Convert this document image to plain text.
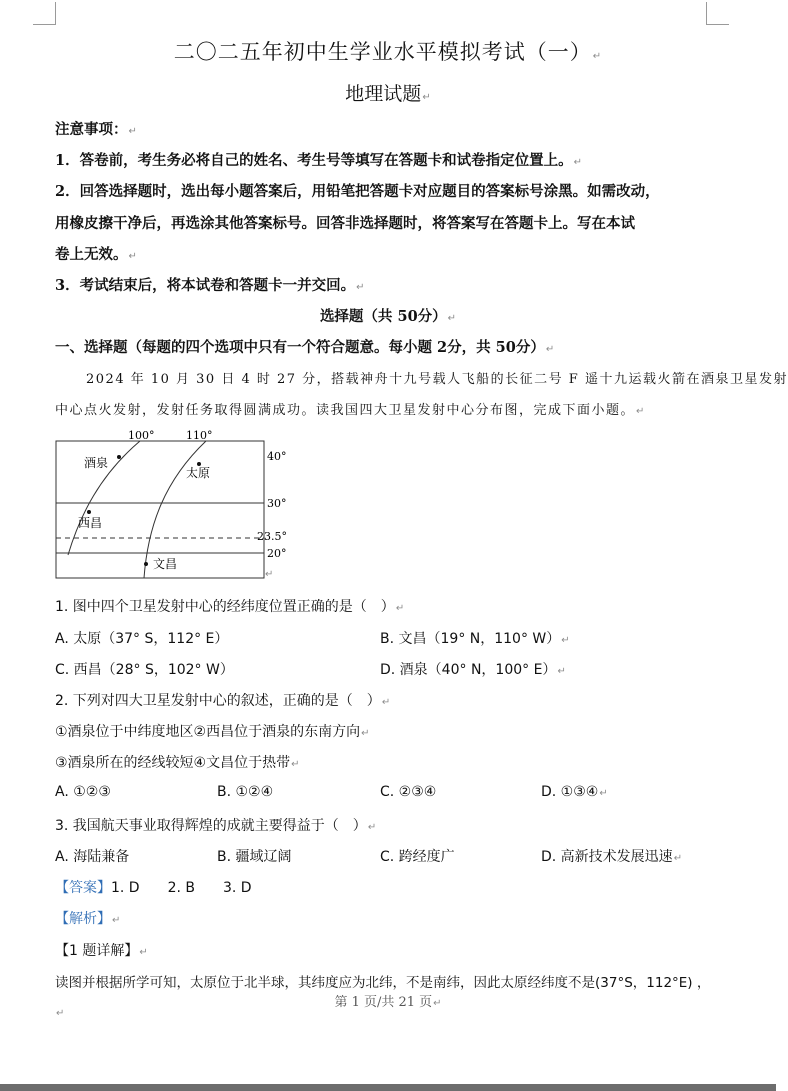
二〇二五年初中生学业水平模拟考试（一）↵
地理试题↵
注意事项：↵
1．答卷前，考生务必将自己的姓名、考生号等填写在答题卡和试卷指定位置上。↵
2．回答选择题时，选出每小题答案后，用铅笔把答题卡对应题目的答案标号涂黑。如需改动，
用橡皮擦干净后，再选涂其他答案标号。回答非选择题时，将答案写在答题卡上。写在本试
卷上无效。↵
3．考试结束后，将本试卷和答题卡一并交回。↵
选择题（共 50分）↵
一、选择题（每题的四个选项中只有一个符合题意。每小题 2分，共 50分）↵
2024 年 10 月 30 日 4 时 27 分，搭载神舟十九号载人飞船的长征二号 F 遥十九运载火箭在酒泉卫星发射
中心点火发射，发射任务取得圆满成功。读我国四大卫星发射中心分布图，完成下面小题。↵
100°	110°
40°
30°
23.5°
20°
酒泉
太原
西昌
文昌
↵
1. 图中四个卫星发射中心的经纬度位置正确的是（　）↵
A. 太原（37° S，112° E）	B. 文昌（19° N，110° W）↵
C. 西昌（28° S，102° W）	D. 酒泉（40° N，100° E）↵
2. 下列对四大卫星发射中心的叙述，正确的是（　）↵
①酒泉位于中纬度地区②西昌位于酒泉的东南方向↵
③酒泉所在的经线较短④文昌位于热带↵
A. ①②③	B. ①②④	C. ②③④	D. ①③④↵
3. 我国航天事业取得辉煌的成就主要得益于（　）↵
A. 海陆兼备	B. 疆域辽阔	C. 跨经度广	D. 高新技术发展迅速↵
【答案】1. D　　2. B　　3. D
【解析】↵
【1 题详解】↵
读图并根据所学可知，太原位于北半球，其纬度应为北纬，不是南纬，因此太原经纬度不是(37°S，112°E) ，
第 1 页/共 21 页↵
↵
